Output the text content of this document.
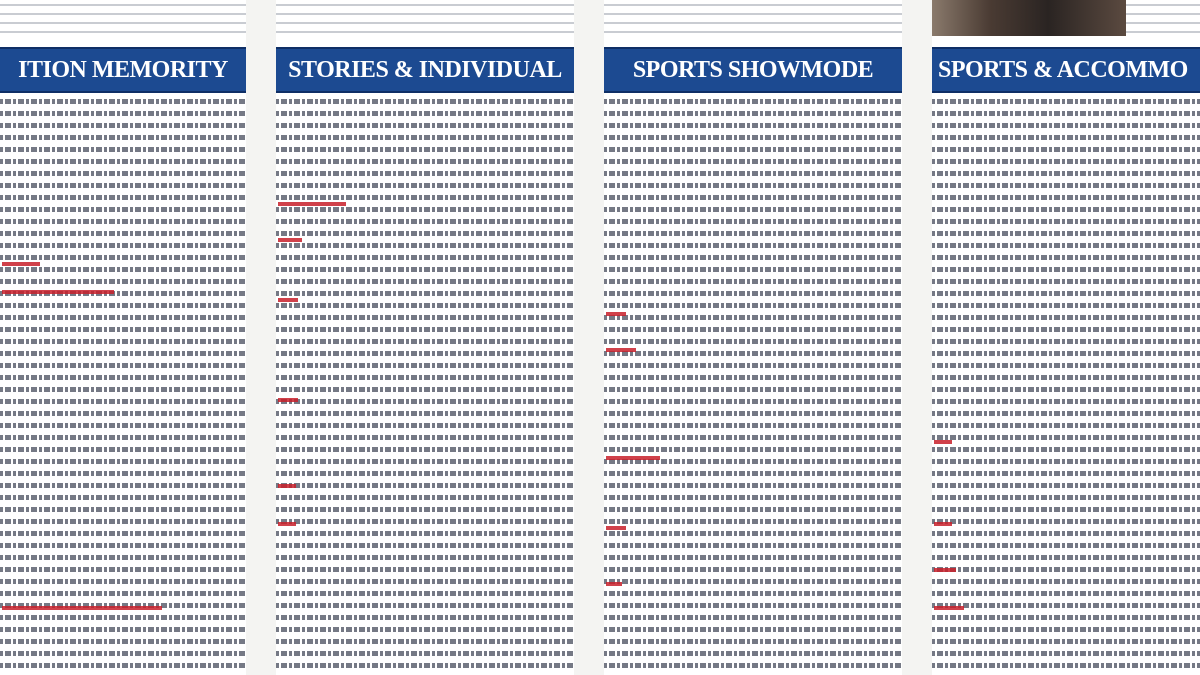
ITION MEMORITY	STORIES & INDIVIDUAL	SPORTS SHOWMODE	SPORTS & ACCOMMO
